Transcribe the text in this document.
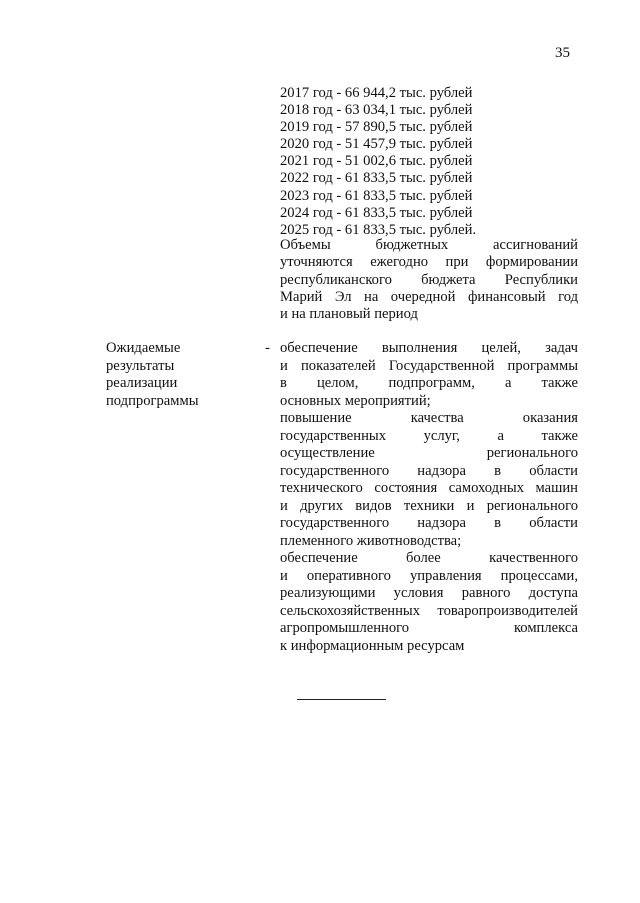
35
2017 год - 66 944,2 тыс. рублей
2018 год - 63 034,1 тыс. рублей
2019 год - 57 890,5 тыс. рублей
2020 год - 51 457,9 тыс. рублей
2021 год - 51 002,6 тыс. рублей
2022 год - 61 833,5 тыс. рублей
2023 год - 61 833,5 тыс. рублей
2024 год - 61 833,5 тыс. рублей
2025 год - 61 833,5 тыс. рублей.
Объемы бюджетных ассигнований
уточняются ежегодно при формировании
республиканского бюджета Республики
Марий Эл на очередной финансовый год
и на плановый период
Ожидаемые
результаты
реализации
подпрограммы
- обеспечение выполнения целей, задач
и показателей Государственной программы
в целом, подпрограмм, а также
основных мероприятий;
повышение качества оказания
государственных услуг, а также
осуществление регионального
государственного надзора в области
технического состояния самоходных машин
и других видов техники и регионального
государственного надзора в области
племенного животноводства;
обеспечение более качественного
и оперативного управления процессами,
реализующими условия равного доступа
сельскохозяйственных товаропроизводителей
агропромышленного комплекса
к информационным ресурсам
